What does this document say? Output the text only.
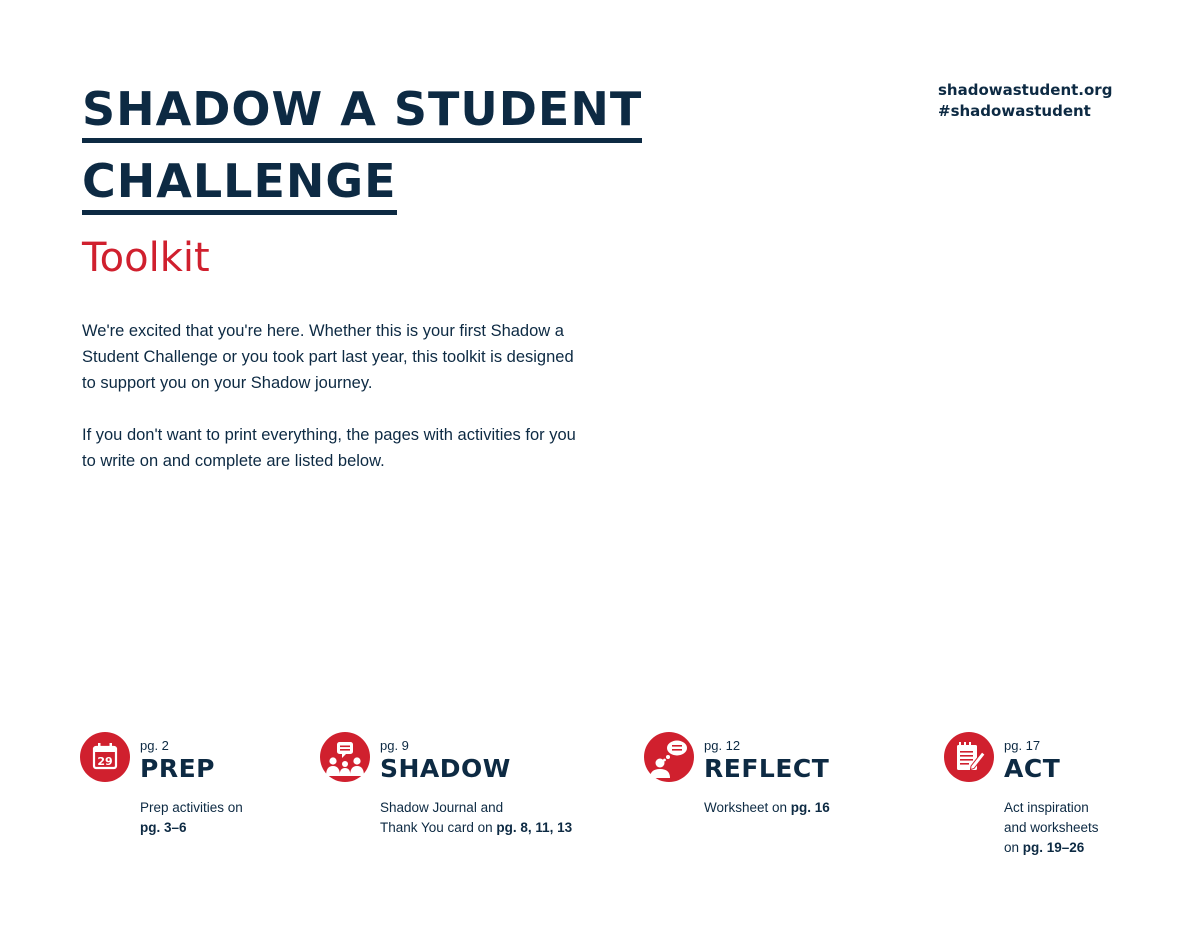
SHADOW A STUDENT
CHALLENGE
Toolkit
shadowastudent.org
#shadowastudent

We're excited that you're here. Whether this is your first Shadow a Student Challenge or you took part last year, this toolkit is designed to support you on your Shadow journey.

If you don't want to print everything, the pages with activities for you to write on and complete are listed below.

29
pg. 2
PREP
Prep activities on
pg. 3–6
pg. 9
SHADOW
Shadow Journal and
Thank You card on pg. 8, 11, 13
pg. 12
REFLECT
Worksheet on pg. 16
pg. 17
ACT
Act inspiration
and worksheets
on pg. 19–26
